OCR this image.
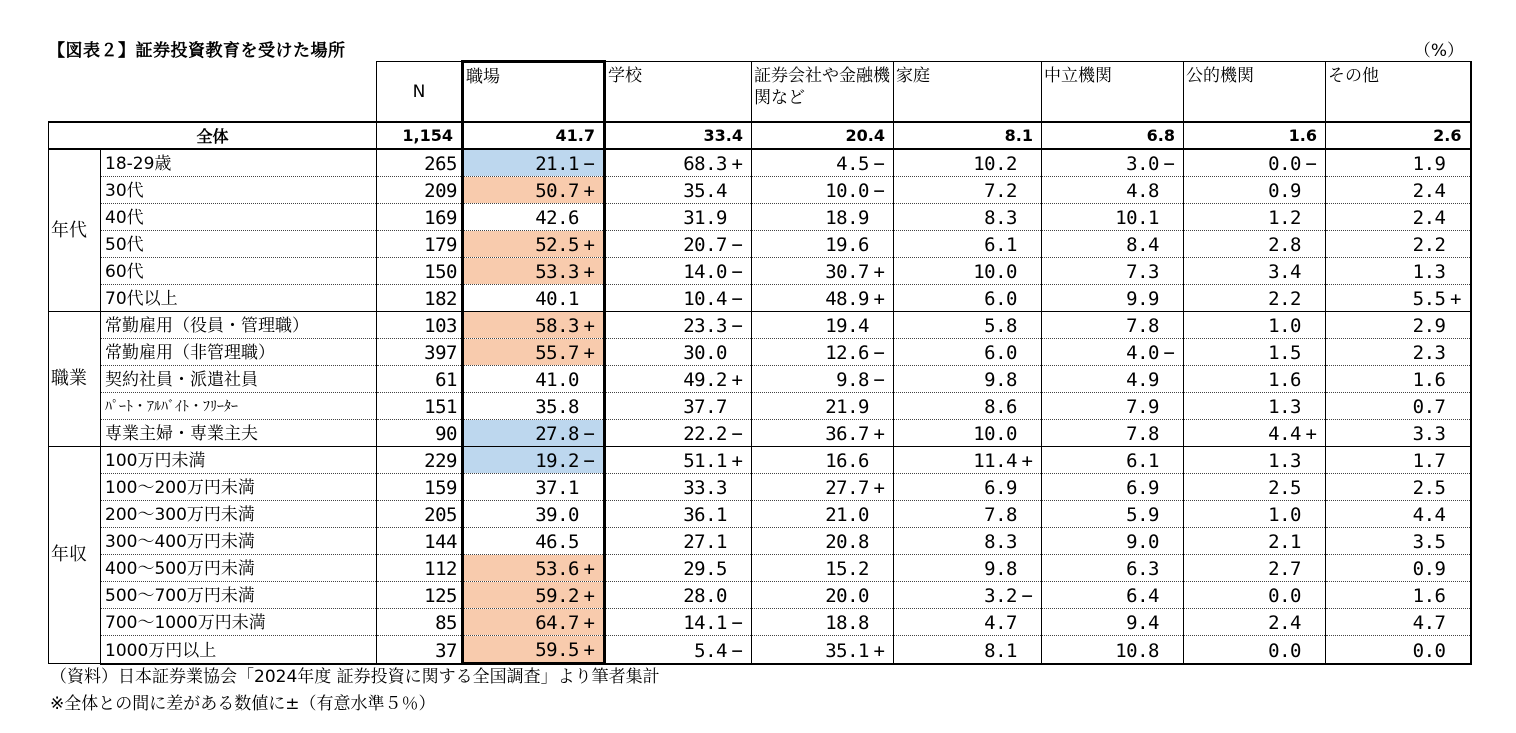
【図表２】証券投資教育を受けた場所	（%）
		N	職場	学校	証券会社や金融機関など	家庭	中立機関	公的機関	その他
全体		1,154	41.7	33.4	20.4	8.1	6.8	1.6	2.6
年代	18-29歳	265	21.1 −	68.3 +	4.5 −	10.2	3.0 −	0.0 −	1.9
	30代	209	50.7 +	35.4	10.0 −	7.2	4.8	0.9	2.4
	40代	169	42.6	31.9	18.9	8.3	10.1	1.2	2.4
	50代	179	52.5 +	20.7 −	19.6	6.1	8.4	2.8	2.2
	60代	150	53.3 +	14.0 −	30.7 +	10.0	7.3	3.4	1.3
	70代以上	182	40.1	10.4 −	48.9 +	6.0	9.9	2.2	5.5 +
職業	常勤雇用（役員・管理職）	103	58.3 +	23.3 −	19.4	5.8	7.8	1.0	2.9
	常勤雇用（非管理職）	397	55.7 +	30.0	12.6 −	6.0	4.0 −	1.5	2.3
	契約社員・派遣社員	61	41.0	49.2 +	9.8 −	9.8	4.9	1.6	1.6
	ﾊﾟｰﾄ・ｱﾙﾊﾞｲﾄ・ﾌﾘｰﾀｰ	151	35.8	37.7	21.9	8.6	7.9	1.3	0.7
	専業主婦・専業主夫	90	27.8 −	22.2 −	36.7 +	10.0	7.8	4.4 +	3.3
年収	100万円未満	229	19.2 −	51.1 +	16.6	11.4 +	6.1	1.3	1.7
	100～200万円未満	159	37.1	33.3	27.7 +	6.9	6.9	2.5	2.5
	200～300万円未満	205	39.0	36.1	21.0	7.8	5.9	1.0	4.4
	300～400万円未満	144	46.5	27.1	20.8	8.3	9.0	2.1	3.5
	400～500万円未満	112	53.6 +	29.5	15.2	9.8	6.3	2.7	0.9
	500～700万円未満	125	59.2 +	28.0	20.0	3.2 −	6.4	0.0	1.6
	700～1000万円未満	85	64.7 +	14.1 −	18.8	4.7	9.4	2.4	4.7
	1000万円以上	37	59.5 +	5.4 −	35.1 +	8.1	10.8	0.0	0.0
（資料）日本証券業協会「2024年度 証券投資に関する全国調査」より筆者集計
※全体との間に差がある数値に±（有意水準５％）
